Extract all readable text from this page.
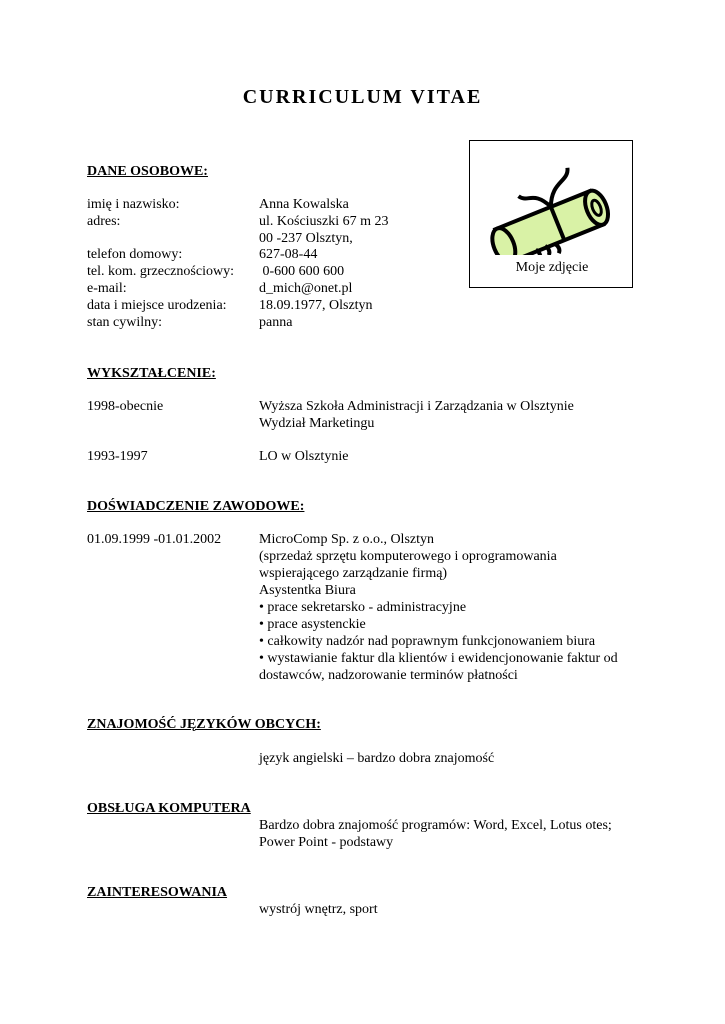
CURRICULUM VITAE
Moje zdjęcie
DANE OSOBOWE:
imię i nazwisko:	Anna Kowalska
adres:	ul. Kościuszki 67 m 23
00 -237 Olsztyn,
telefon domowy:	627-08-44
tel. kom. grzecznościowy: 0-600 600 600
e-mail:	d_mich@onet.pl
data i miejsce urodzenia: 18.09.1977, Olsztyn
stan cywilny:	panna
WYKSZTAŁCENIE:
1998-obecnie	Wyższa Szkoła Administracji i Zarządzania w Olsztynie
Wydział Marketingu
1993-1997	LO w Olsztynie
DOŚWIADCZENIE ZAWODOWE:
01.09.1999 -01.01.2002	MicroComp Sp. z o.o., Olsztyn
(sprzedaż sprzętu komputerowego i oprogramowania
wspierającego zarządzanie firmą)
Asystentka Biura
• prace sekretarsko - administracyjne
• prace asystenckie
• całkowity nadzór nad poprawnym funkcjonowaniem biura
• wystawianie faktur dla klientów i ewidencjonowanie faktur od
dostawców, nadzorowanie terminów płatności
ZNAJOMOŚĆ JĘZYKÓW OBCYCH:
język angielski – bardzo dobra znajomość
OBSŁUGA KOMPUTERA
Bardzo dobra znajomość programów: Word, Excel, Lotus otes;
Power Point - podstawy
ZAINTERESOWANIA
wystrój wnętrz, sport
